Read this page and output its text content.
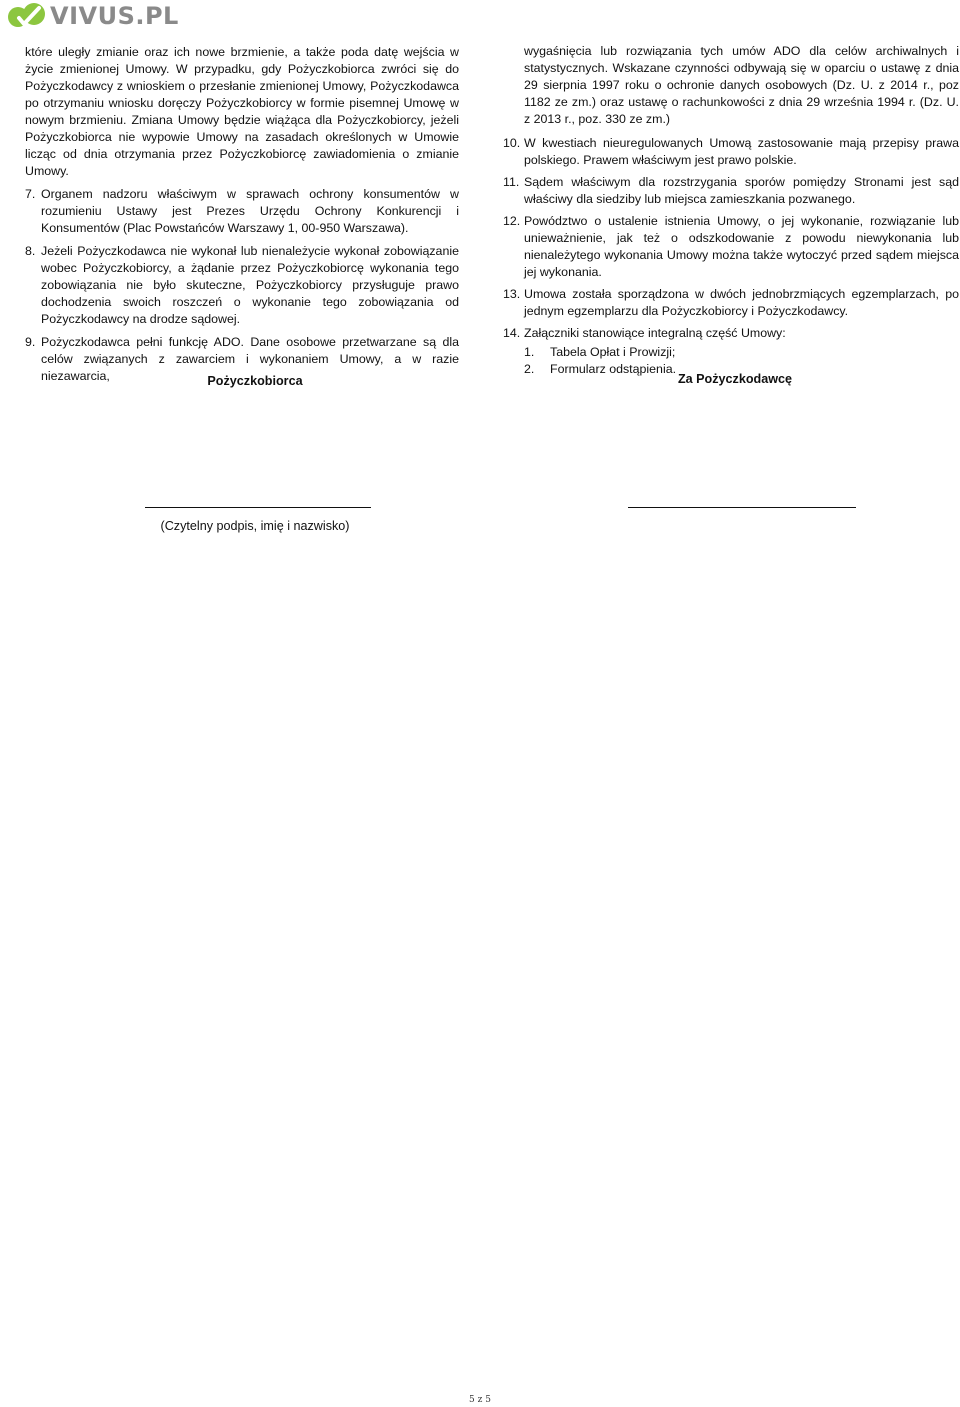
VIVUS.PL

które uległy zmianie oraz ich nowe brzmienie, a także poda datę wejścia w życie zmienionej Umowy. W przypadku, gdy Pożyczkobiorca zwróci się do Pożyczkodawcy z wnioskiem o przesłanie zmienionej Umowy, Pożyczkodawca po otrzymaniu wniosku doręczy Pożyczkobiorcy w formie pisemnej Umowę w nowym brzmieniu. Zmiana Umowy będzie wiążąca dla Pożyczkobiorcy, jeżeli Pożyczkobiorca nie wypowie Umowy na zasadach określonych w Umowie licząc od dnia otrzymania przez Pożyczkobiorcę zawiadomienia o zmianie Umowy.

7. Organem nadzoru właściwym w sprawach ochrony konsumentów w rozumieniu Ustawy jest Prezes Urzędu Ochrony Konkurencji i Konsumentów (Plac Powstańców Warszawy 1, 00-950 Warszawa).
8. Jeżeli Pożyczkodawca nie wykonał lub nienależycie wykonał zobowiązanie wobec Pożyczkobiorcy, a żądanie przez Pożyczkobiorcę wykonania tego zobowiązania nie było skuteczne, Pożyczkobiorcy przysługuje prawo dochodzenia swoich roszczeń o wykonanie tego zobowiązania od Pożyczkodawcy na drodze sądowej.
9. Pożyczkodawca pełni funkcję ADO. Dane osobowe przetwarzane są dla celów związanych z zawarciem i wykonaniem Umowy, a w razie niezawarcia,
wygaśnięcia lub rozwiązania tych umów ADO dla celów archiwalnych i statystycznych. Wskazane czynności odbywają się w oparciu o ustawę z dnia 29 sierpnia 1997 roku o ochronie danych osobowych (Dz. U. z 2014 r., poz 1182 ze zm.) oraz ustawę o rachunkowości z dnia 29 września 1994 r. (Dz. U. z 2013 r., poz. 330 ze zm.)
10. W kwestiach nieuregulowanych Umową zastosowanie mają przepisy prawa polskiego. Prawem właściwym jest prawo polskie.
11. Sądem właściwym dla rozstrzygania sporów pomiędzy Stronami jest sąd właściwy dla siedziby lub miejsca zamieszkania pozwanego.
12. Powództwo o ustalenie istnienia Umowy, o jej wykonanie, rozwiązanie lub unieważnienie, jak też o odszkodowanie z powodu niewykonania lub nienależytego wykonania Umowy można także wytoczyć przed sądem miejsca jej wykonania.
13. Umowa została sporządzona w dwóch jednobrzmiących egzemplarzach, po jednym egzemplarzu dla Pożyczkobiorcy i Pożyczkodawcy.
14. Załączniki stanowiące integralną część Umowy:
1.	Tabela Opłat i Prowizji;
2.	Formularz odstąpienia.
Pożyczkobiorca	Za Pożyczkodawcę
(Czytelny podpis, imię i nazwisko)
5 z 5
